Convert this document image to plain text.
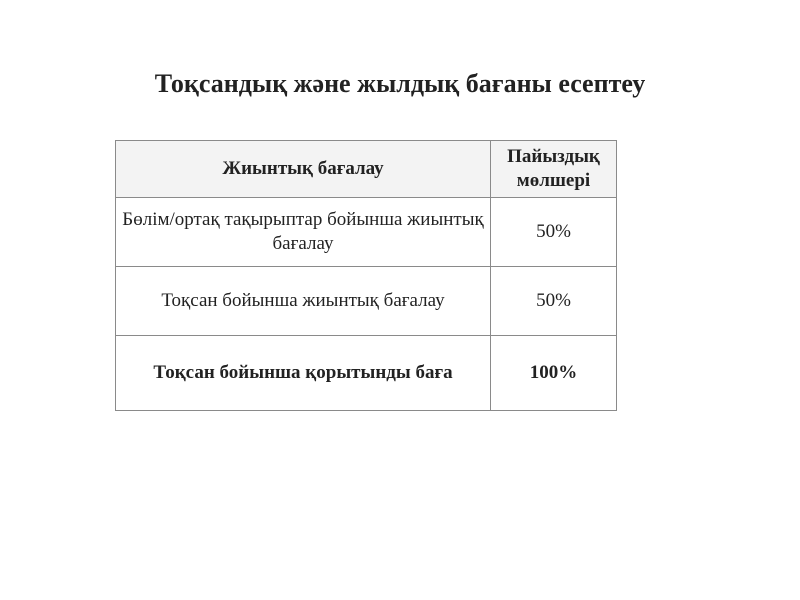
Тоқсандық және жылдық бағаны есептеу
Жиынтық бағалау	Пайыздық мөлшері
Бөлім/ортақ тақырыптар бойынша жиынтық бағалау	50%
Тоқсан бойынша жиынтық бағалау	50%
Тоқсан бойынша қорытынды баға	100%
